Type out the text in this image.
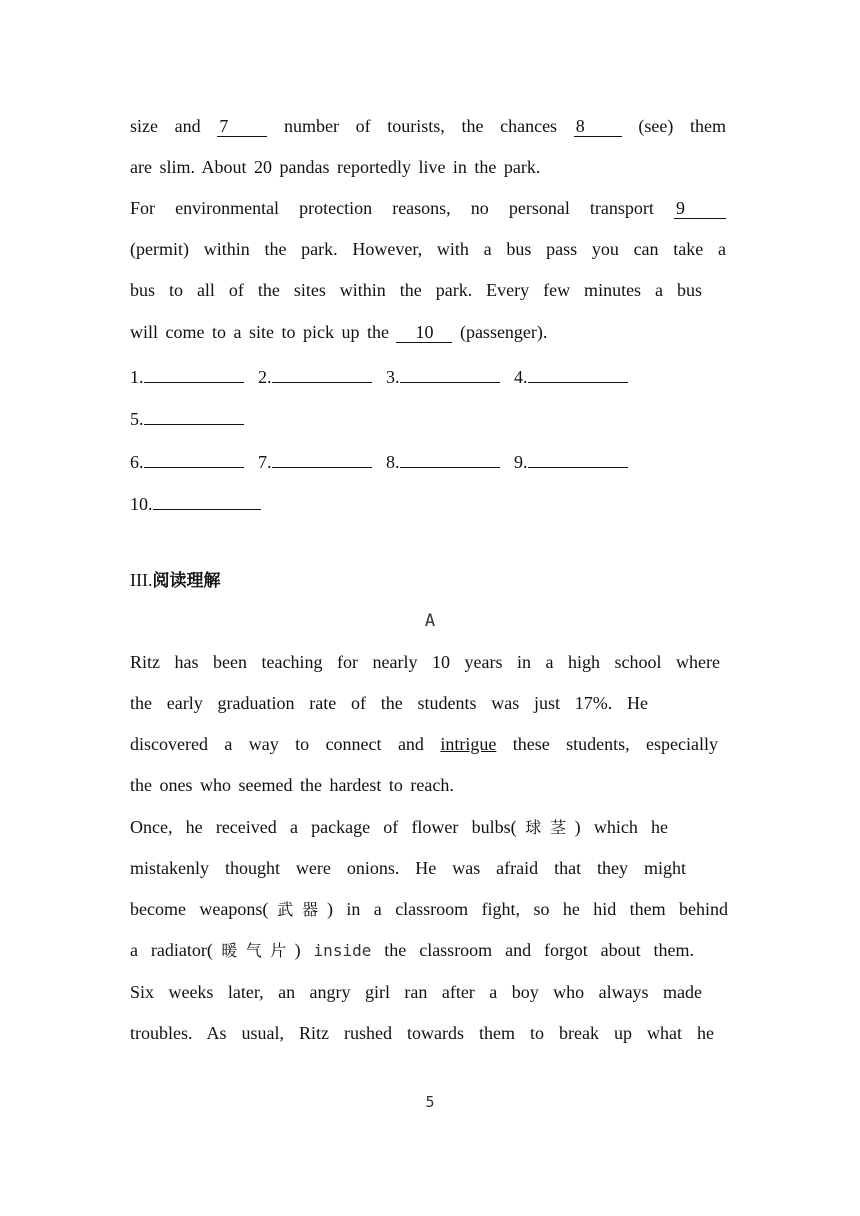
size and 7	number of tourists, the chances 8	(see) them
are slim. About 20 pandas reportedly live in the park.
For environmental protection reasons, no personal transport 9
(permit) within the park. However, with a bus pass you can take a
bus to all of the sites within the park. Every few minutes a bus
will come to a site to pick up the 10 (passenger).
1.	2.	3.	4.
5.
6.	7.	8.	9.
10.
III.阅读理解
A
Ritz has been teaching for nearly 10 years in a high school where
the early graduation rate of the students was just 17%. He
discovered a way to connect and intrigue these students, especially
the ones who seemed the hardest to reach.
Once, he received a package of flower bulbs(球茎) which he
mistakenly thought were onions. He was afraid that they might
become weapons(武器) in a classroom fight, so he hid them behind
a radiator(暖气片) inside the classroom and forgot about them.
Six weeks later, an angry girl ran after a boy who always made
troubles. As usual, Ritz rushed towards them to break up what he
5
